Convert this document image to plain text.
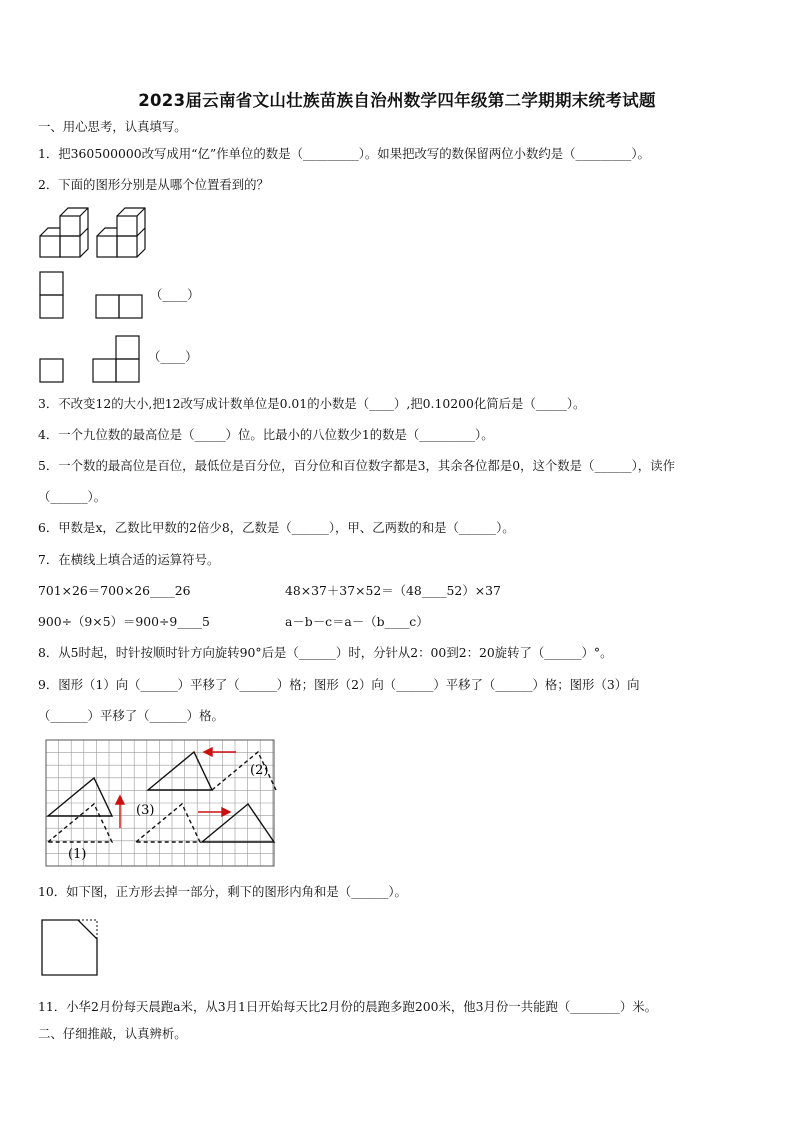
2023届云南省文山壮族苗族自治州数学四年级第二学期期末统考试题
一、用心思考，认真填写。
1．把360500000改写成用“亿”作单位的数是（_________）。如果把改写的数保留两位小数约是（_________）。
2．下面的图形分别是从哪个位置看到的？
（____）
（____）
3．不改变12的大小,把12改写成计数单位是0.01的小数是（____）,把0.10200化简后是（_____）。
4．一个九位数的最高位是（_____）位。比最小的八位数少1的数是（_________）。
5．一个数的最高位是百位，最低位是百分位，百分位和百位数字都是3，其余各位都是0，这个数是（______），读作
（______）。
6．甲数是x，乙数比甲数的2倍少8，乙数是（______），甲、乙两数的和是（______）。
7．在横线上填合适的运算符号。
701×26＝700×26____26	48×37＋37×52＝（48____52）×37
900÷（9×5）＝900÷9____5	a－b－c＝a－（b____c）
8．从5时起，时针按顺时针方向旋转90°后是（______）时，分针从2：00到2：20旋转了（______）°。
9．图形（1）向（______）平移了（______）格；图形（2）向（______）平移了（______）格；图形（3）向
（______）平移了（______）格。
(1)
(2)
(3)
10．如下图，正方形去掉一部分，剩下的图形内角和是（______）。
11．小华2月份每天晨跑a米，从3月1日开始每天比2月份的晨跑多跑200米，他3月份一共能跑（________）米。
二、仔细推敲，认真辨析。
